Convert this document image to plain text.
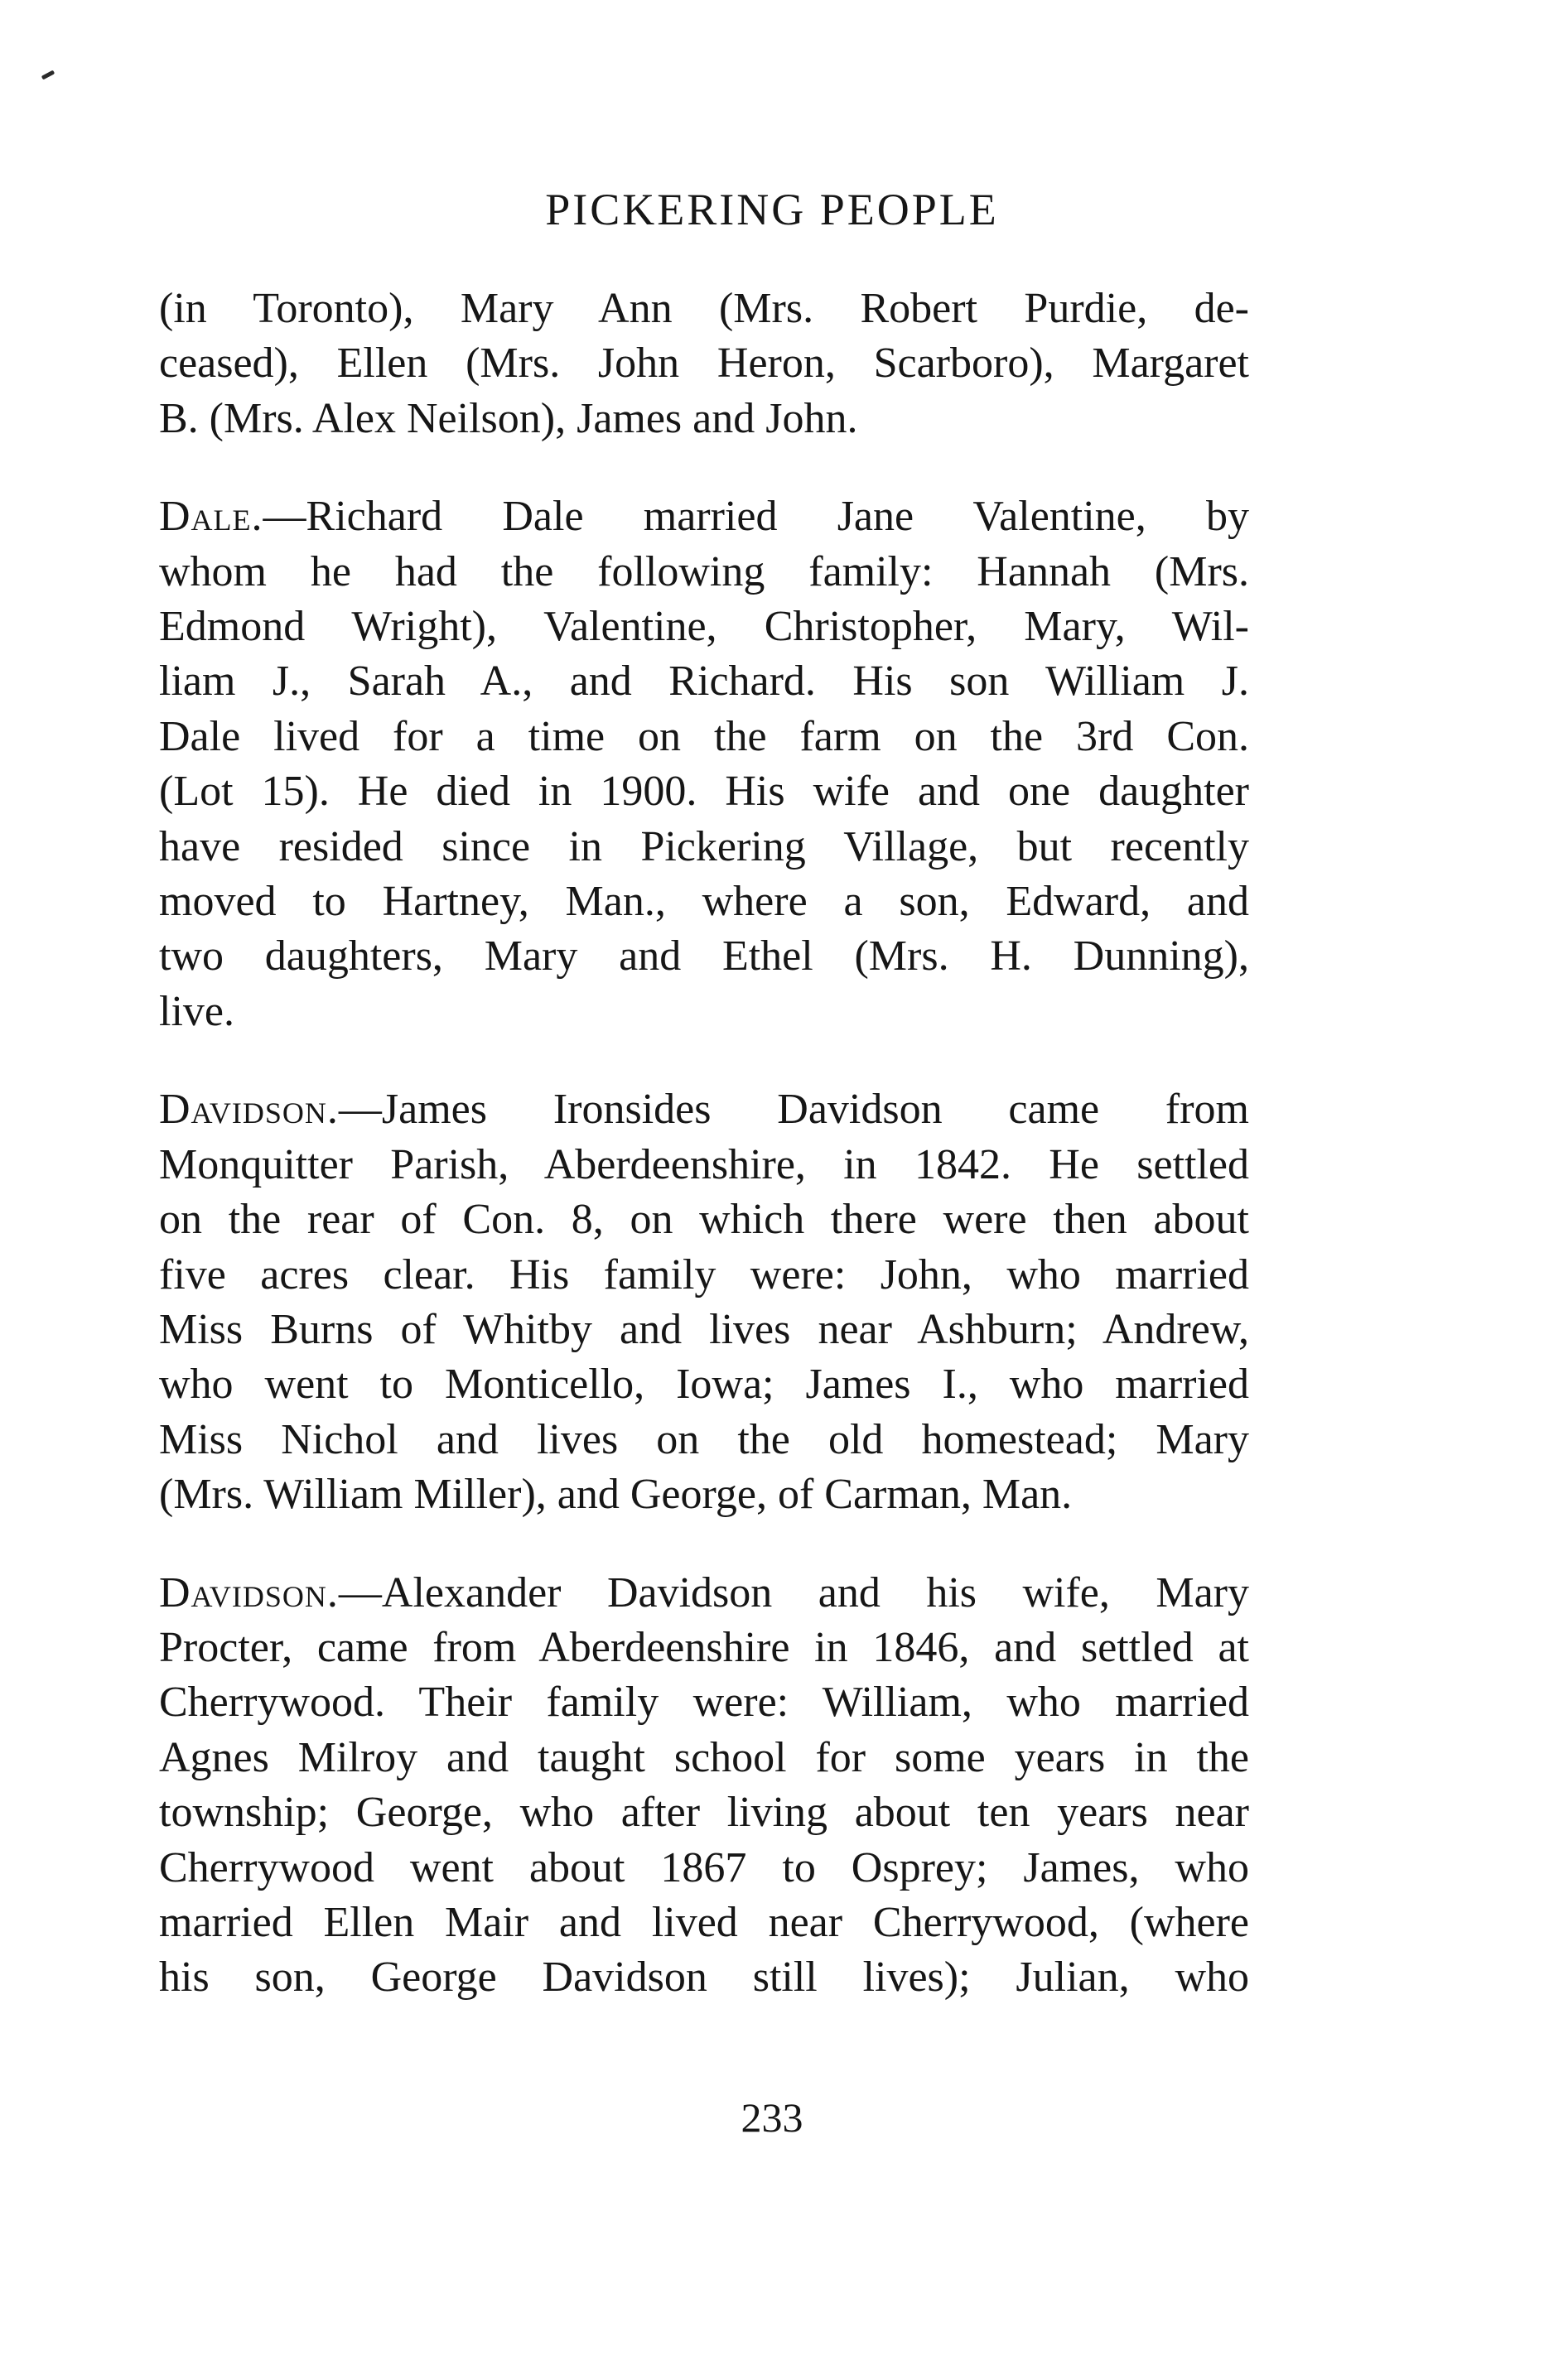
PICKERING PEOPLE

(in Toronto), Mary Ann (Mrs. Robert Purdie, de-
ceased), Ellen (Mrs. John Heron, Scarboro), Margaret
B. (Mrs. Alex Neilson), James and John.

Dale.—Richard Dale married Jane Valentine, by
whom he had the following family: Hannah (Mrs.
Edmond Wright), Valentine, Christopher, Mary, Wil-
liam J., Sarah A., and Richard. His son William J.
Dale lived for a time on the farm on the 3rd Con.
(Lot 15). He died in 1900. His wife and one daughter
have resided since in Pickering Village, but recently
moved to Hartney, Man., where a son, Edward, and
two daughters, Mary and Ethel (Mrs. H. Dunning),
live.

Davidson.—James Ironsides Davidson came from
Monquitter Parish, Aberdeenshire, in 1842. He settled
on the rear of Con. 8, on which there were then about
five acres clear. His family were: John, who married
Miss Burns of Whitby and lives near Ashburn; Andrew,
who went to Monticello, Iowa; James I., who married
Miss Nichol and lives on the old homestead; Mary
(Mrs. William Miller), and George, of Carman, Man.

Davidson.—Alexander Davidson and his wife, Mary
Procter, came from Aberdeenshire in 1846, and settled at
Cherrywood. Their family were: William, who married
Agnes Milroy and taught school for some years in the
township; George, who after living about ten years near
Cherrywood went about 1867 to Osprey; James, who
married Ellen Mair and lived near Cherrywood, (where
his son, George Davidson still lives); Julian, who

233
